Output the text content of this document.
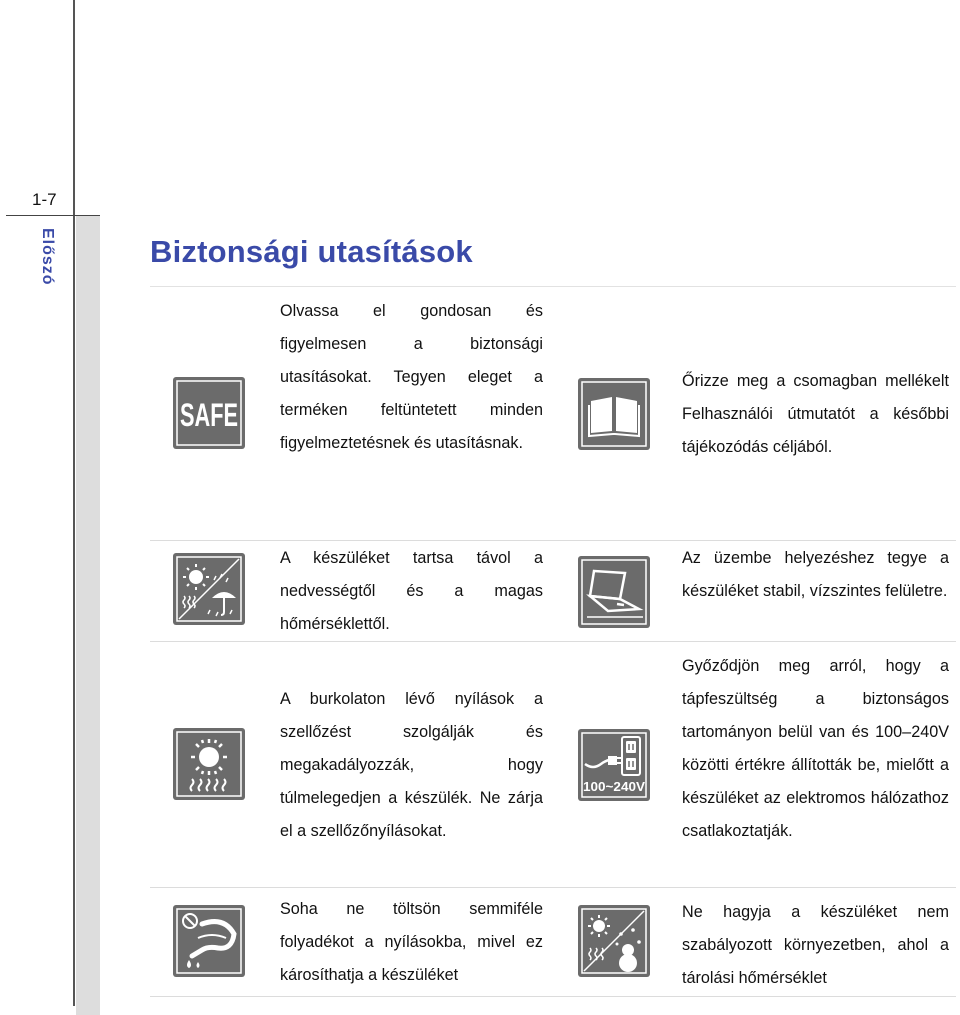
1-7
Előszó	Biztonsági utasítások
SAFE
Olvassa el gondosan és figyelmesen a biztonsági utasításokat. Tegyen eleget a terméken feltüntetett minden figyelmeztetésnek és utasításnak.
Őrizze meg a csomagban mellékelt Felhasználói útmutatót a későbbi tájékozódás céljából.
A készüléket tartsa távol a nedvességtől és a magas hőmérséklettől.
Az üzembe helyezéshez tegye a készüléket stabil, vízszintes felületre.
A burkolaton lévő nyílások a szellőzést szolgálják és megakadályozzák, hogy túlmelegedjen a készülék. Ne zárja el a szellőzőnyílásokat.
100~240V
Győződjön meg arról, hogy a tápfeszültség a biztonságos tartományon belül van és 100–240V közötti értékre állították be, mielőtt a készüléket az elektromos hálózathoz csatlakoztatják.
Soha ne töltsön semmiféle folyadékot a nyílásokba, mivel ez károsíthatja a készüléket
Ne hagyja a készüléket nem szabályozott környezetben, ahol a tárolási hőmérséklet
